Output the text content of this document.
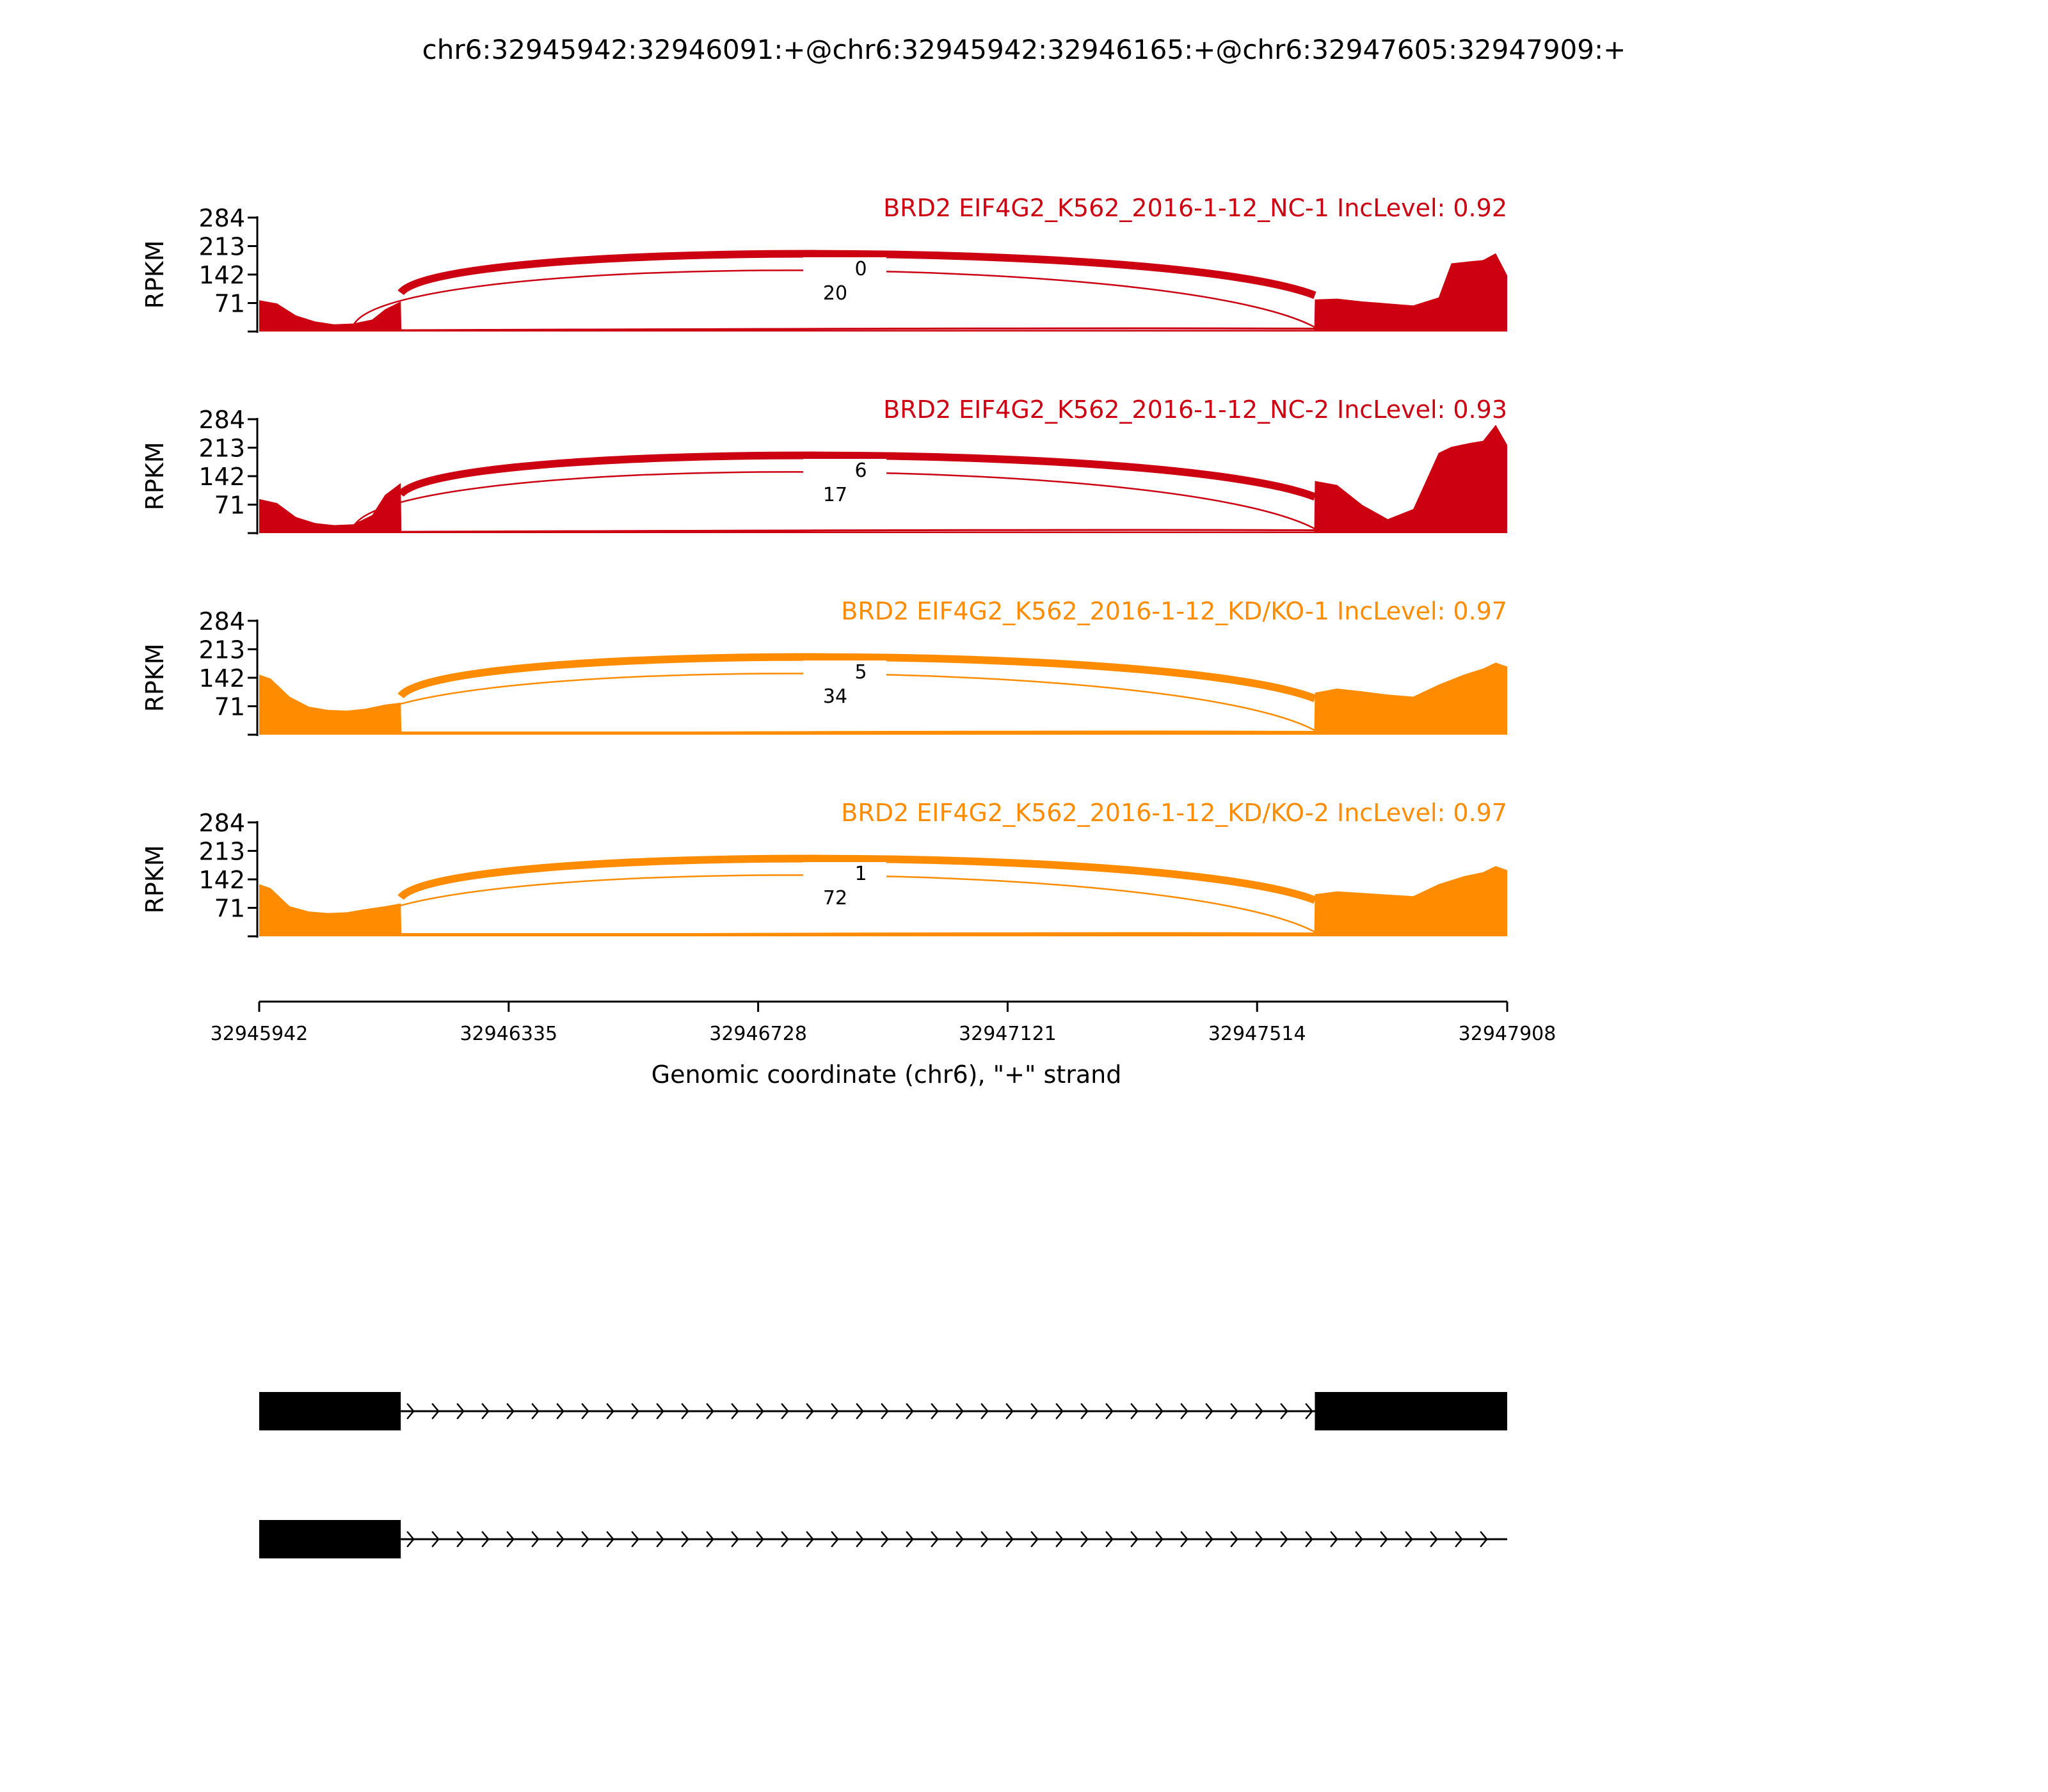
chr6:32945942:32946091:+@chr6:32945942:32946165:+@chr6:32947605:32947909:+
71
142
213
284
RPKM
BRD2 EIF4G2_K562_2016-1-12_NC-1 IncLevel: 0.92
0
20
71
142
213
284
RPKM
BRD2 EIF4G2_K562_2016-1-12_NC-2 IncLevel: 0.93
6
17
71
142
213
284
RPKM
BRD2 EIF4G2_K562_2016-1-12_KD/KO-1 IncLevel: 0.97
5
34
71
142
213
284
RPKM
BRD2 EIF4G2_K562_2016-1-12_KD/KO-2 IncLevel: 0.97
1
72
32945942	32946335	32946728	32947121	32947514	32947908
Genomic coordinate (chr6), "+" strand
